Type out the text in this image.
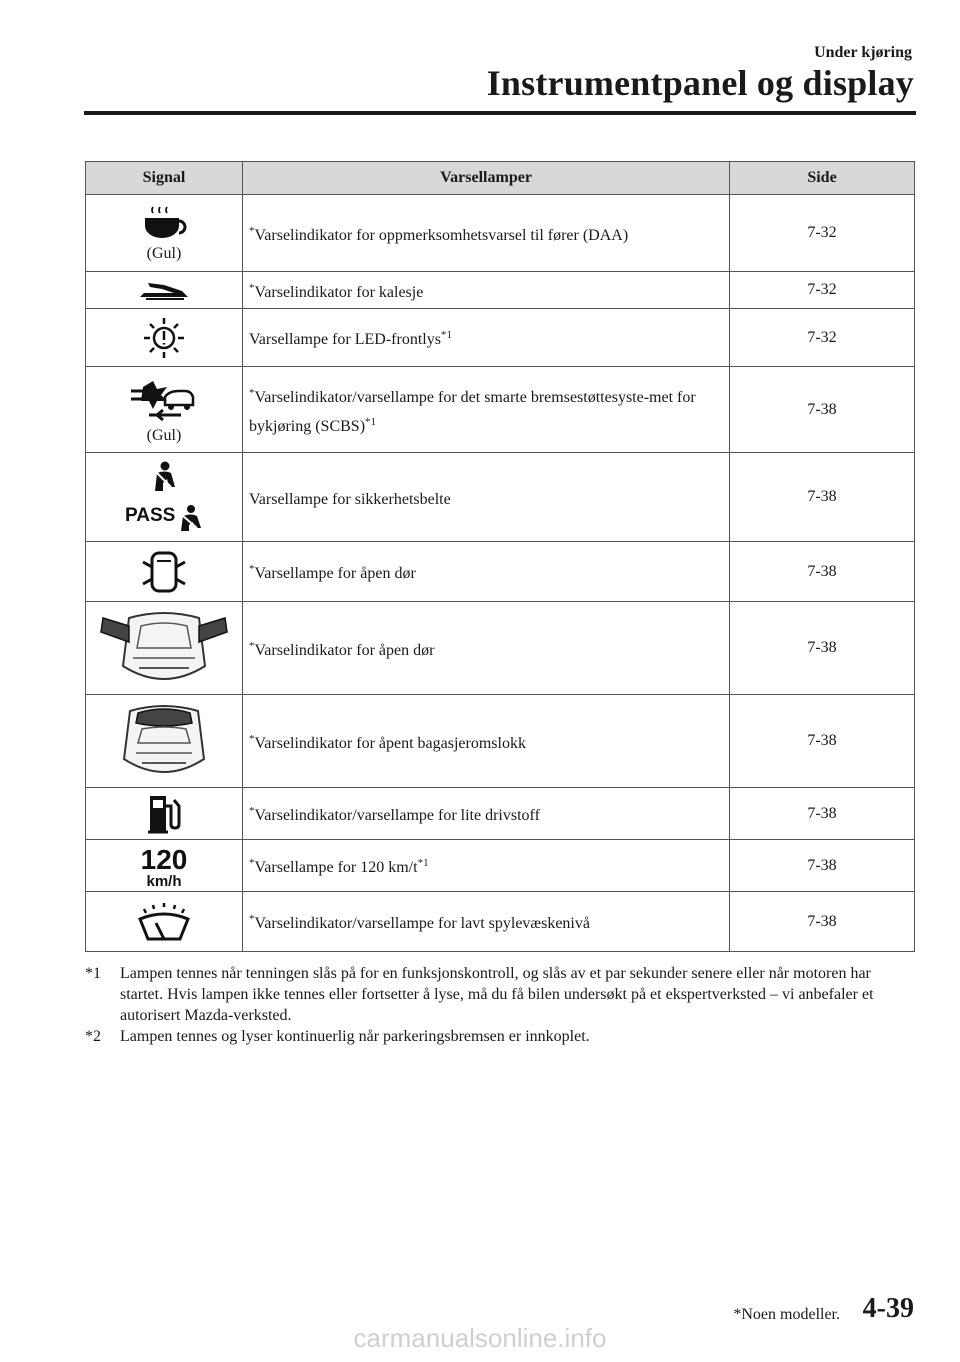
Under kjøring
Instrumentpanel og display
Signal	Varsellamper	Side

(Gul)	*Varselindikator for oppmerksomhetsvarsel til fører (DAA)	7-32

	*Varselindikator for kalesje	7-32

	Varsellampe for LED-frontlys$^{*1}$	7-32

(Gul)	*Varselindikator/varsellampe for det smarte bremsestøttesyste-met for bykjøring (SCBS)$^{*1}$	7-38

PASS	Varsellampe for sikkerhetsbelte	7-38

	*Varsellampe for åpen dør	7-38

	*Varselindikator for åpen dør	7-38

	*Varselindikator for åpent bagasjeromslokk	7-38

	*Varselindikator/varsellampe for lite drivstoff	7-38

120
km/h	*Varsellampe for 120 $km/t^{*1}$	7-38

	*Varselindikator/varsellampe for lavt spylevæskenivå	7-38
*1 Lampen tennes når tenningen slås på for en funksjonskontroll, og slås av et par sekunder senere eller når motoren har startet. Hvis lampen ikke tennes eller fortsetter å lyse, må du få bilen undersøkt på et ekspertverksted – vi anbefaler et autorisert Mazda-verksted.
*2 Lampen tennes og lyser kontinuerlig når parkeringsbremsen er innkoplet.
*Noen modeller. 4-39
carmanualsonline.info
